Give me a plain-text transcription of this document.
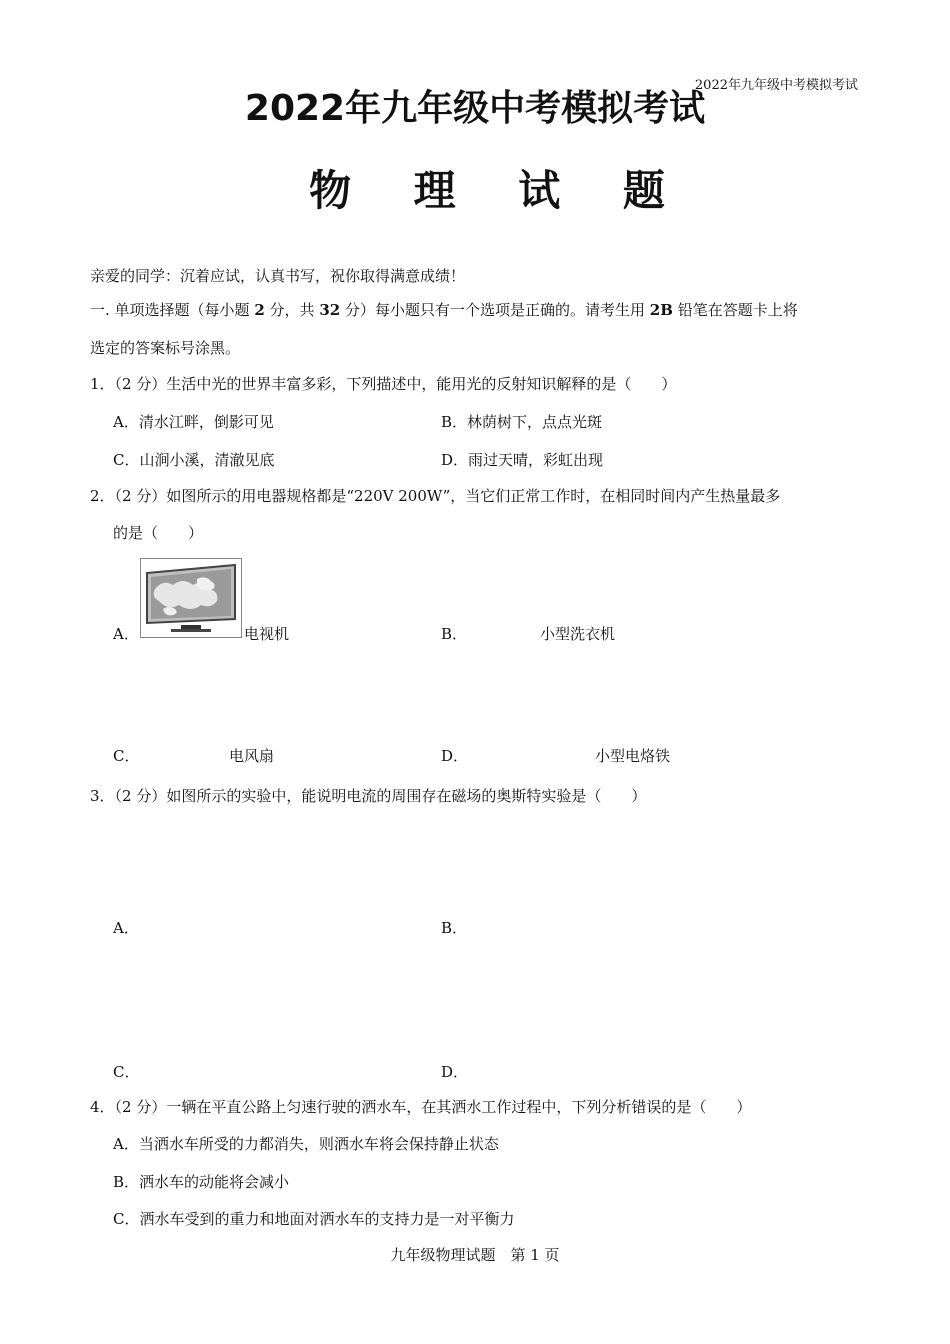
2022年九年级中考模拟考试
2022年九年级中考模拟考试
物 理 试 题
亲爱的同学：沉着应试，认真书写，祝你取得满意成绩！
一. 单项选择题（每小题 2 分，共 32 分）每小题只有一个选项是正确的。请考生用 2B 铅笔在答题卡上将
选定的答案标号涂黑。
1．（2 分）生活中光的世界丰富多彩，下列描述中，能用光的反射知识解释的是（　　）
A．清水江畔，倒影可见	B．林荫树下，点点光斑
C．山涧小溪，清澈见底	D．雨过天晴，彩虹出现
2．（2 分）如图所示的用电器规格都是“220V 200W”，当它们正常工作时，在相同时间内产生热量最多
的是（　　）
A．	电视机	B．	小型洗衣机
C．	电风扇	D．	小型电烙铁
3．（2 分）如图所示的实验中，能说明电流的周围存在磁场的奥斯特实验是（　　）
A．	B．
C．	D．
4．（2 分）一辆在平直公路上匀速行驶的洒水车，在其洒水工作过程中，下列分析错误的是（　　）
A．当洒水车所受的力都消失，则洒水车将会保持静止状态
B．洒水车的动能将会减小
C．洒水车受到的重力和地面对洒水车的支持力是一对平衡力
九年级物理试题　第 1 页
